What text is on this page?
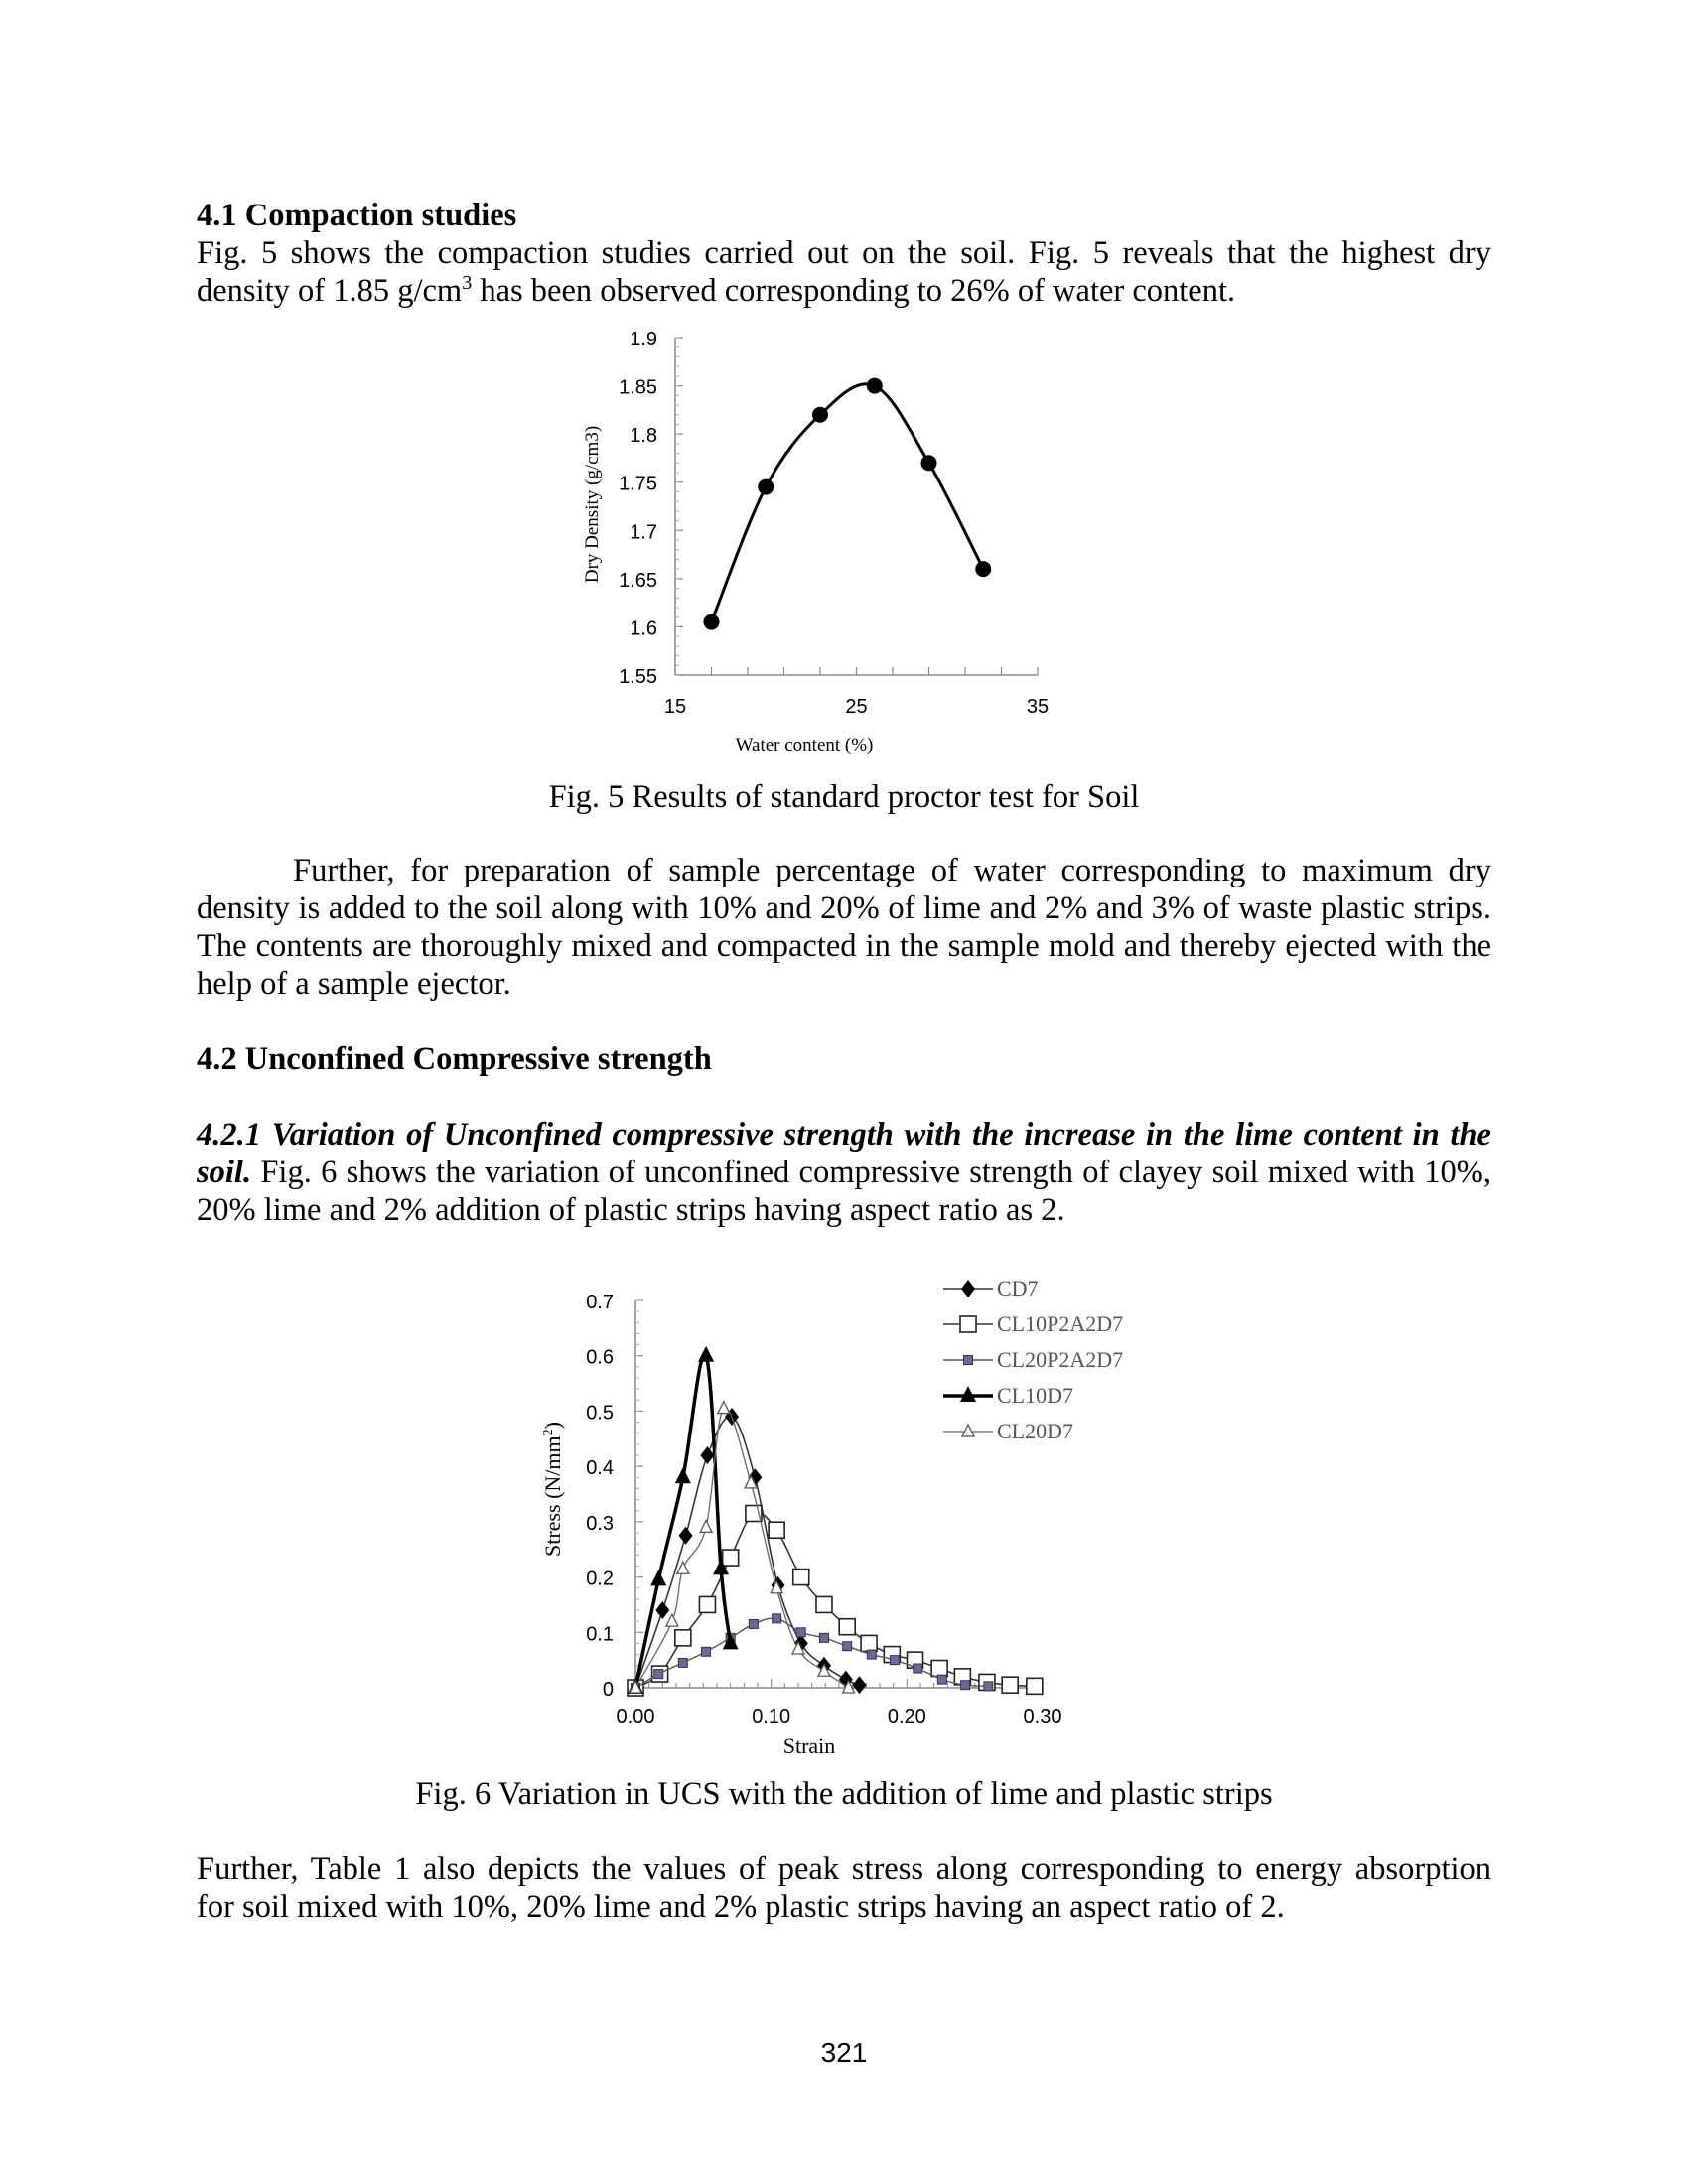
4.1 Compaction studies
Fig. 5 shows the compaction studies carried out on the soil. Fig. 5 reveals that the highest dry
density of 1.85 $g/cm^3$ has been observed corresponding to 26% of water content.
1.55
1.6
1.65
1.7
1.75
1.8
1.85
1.9
15	25	35
Water content (%)
Dry Density (g/cm3)
Fig. 5 Results of standard proctor test for Soil
Further, for preparation of sample percentage of water corresponding to maximum dry
density is added to the soil along with 10% and 20% of lime and 2% and 3% of waste plastic strips.
The contents are thoroughly mixed and compacted in the sample mold and thereby ejected with the
help of a sample ejector.
4.2 Unconfined Compressive strength
4.2.1 Variation of Unconfined compressive strength with the increase in the lime content in the
soil. Fig. 6 shows the variation of unconfined compressive strength of clayey soil mixed with 10%,
20% lime and 2% addition of plastic strips having aspect ratio as 2.
0
0.1
0.2
0.3
0.4
0.5
0.6
0.7
0.00	0.10	0.20	0.30
CD7
CL10P2A2D7
CL20P2A2D7
CL10D7
CL20D7
Strain
Stress $(N/mm^2)$
Fig. 6 Variation in UCS with the addition of lime and plastic strips
Further, Table 1 also depicts the values of peak stress along corresponding to energy absorption
for soil mixed with 10%, 20% lime and 2% plastic strips having an aspect ratio of 2.
321
